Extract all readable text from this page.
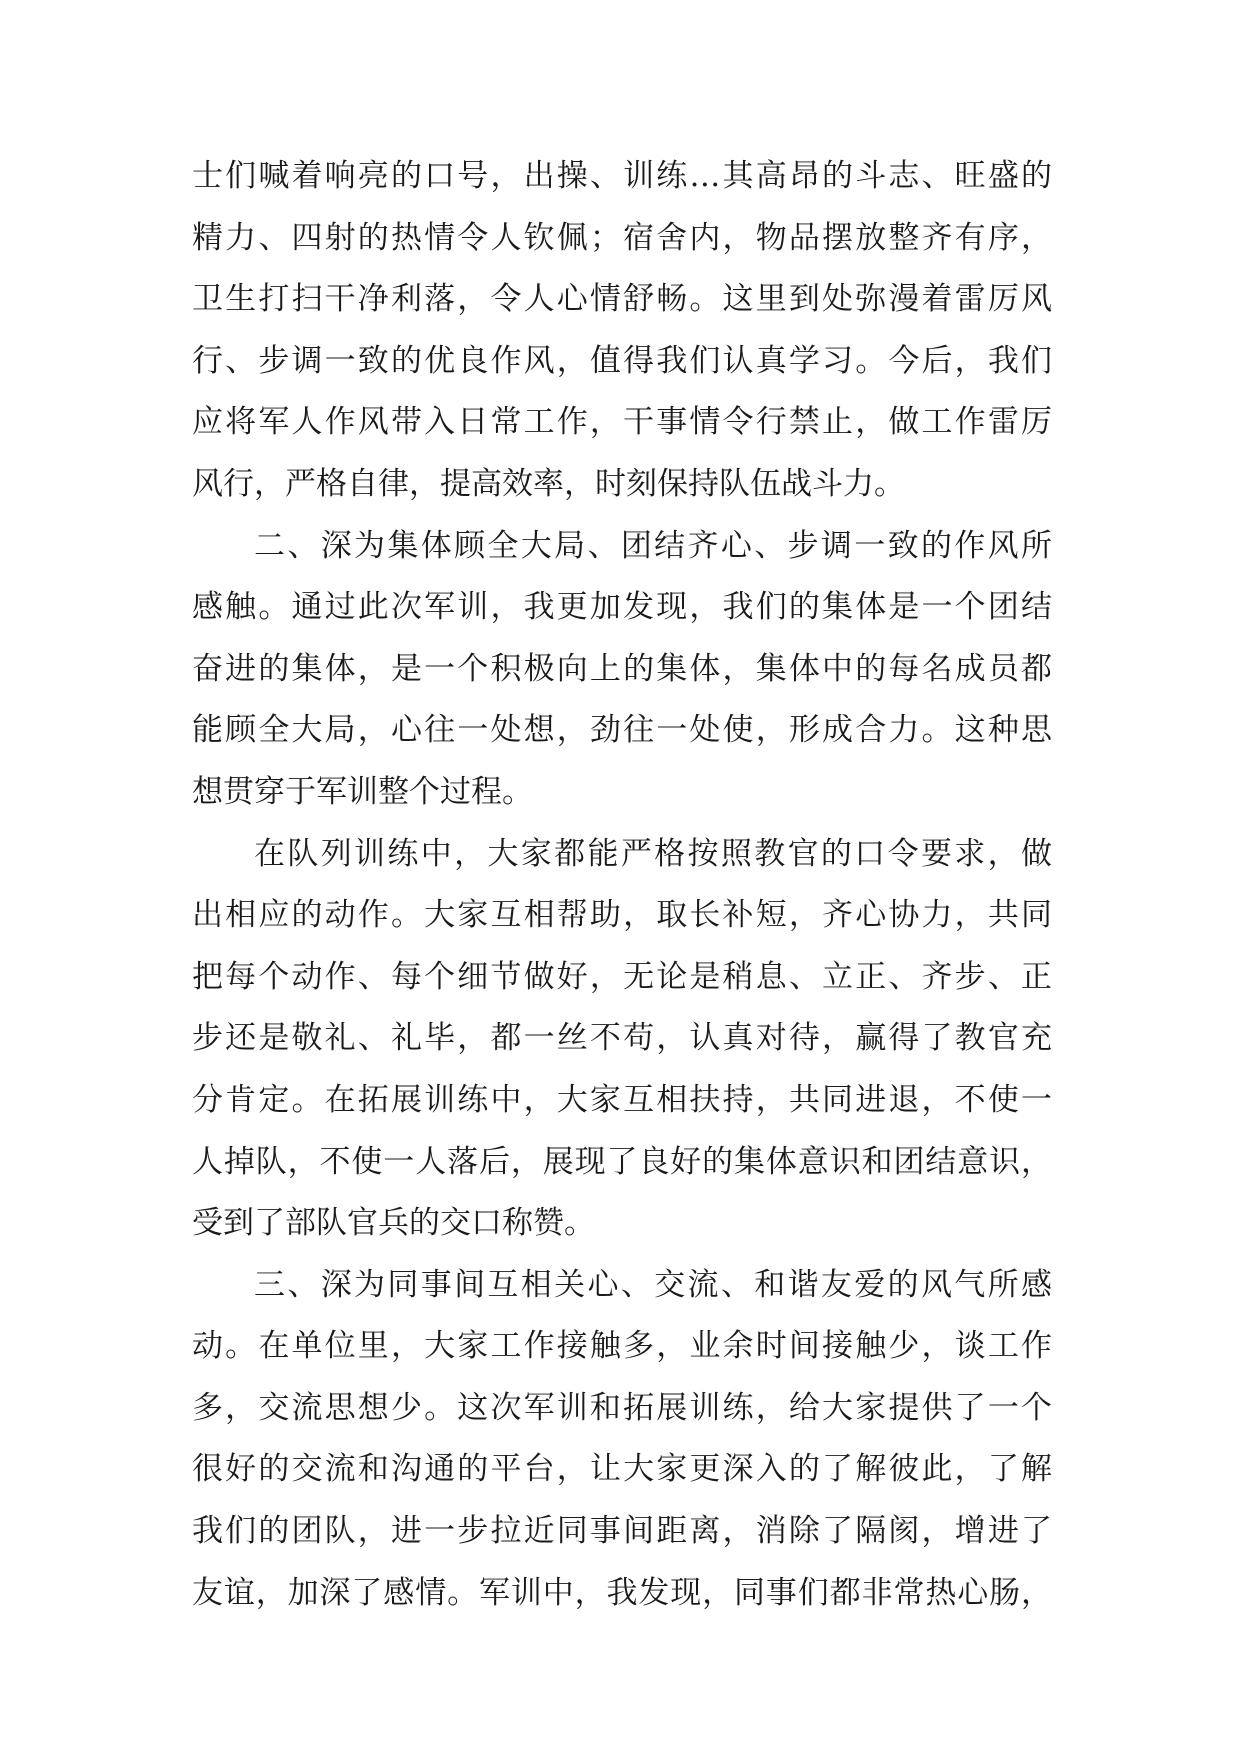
士们喊着响亮的口号，出操、训练…其高昂的斗志、旺盛的
精力、四射的热情令人钦佩；宿舍内，物品摆放整齐有序，
卫生打扫干净利落，令人心情舒畅。这里到处弥漫着雷厉风
行、步调一致的优良作风，值得我们认真学习。今后，我们
应将军人作风带入日常工作，干事情令行禁止，做工作雷厉
风行，严格自律，提高效率，时刻保持队伍战斗力。
二、深为集体顾全大局、团结齐心、步调一致的作风所
感触。通过此次军训，我更加发现，我们的集体是一个团结
奋进的集体，是一个积极向上的集体，集体中的每名成员都
能顾全大局，心往一处想，劲往一处使，形成合力。这种思
想贯穿于军训整个过程。
在队列训练中，大家都能严格按照教官的口令要求，做
出相应的动作。大家互相帮助，取长补短，齐心协力，共同
把每个动作、每个细节做好，无论是稍息、立正、齐步、正
步还是敬礼、礼毕，都一丝不苟，认真对待，赢得了教官充
分肯定。在拓展训练中，大家互相扶持，共同进退，不使一
人掉队，不使一人落后，展现了良好的集体意识和团结意识，
受到了部队官兵的交口称赞。
三、深为同事间互相关心、交流、和谐友爱的风气所感
动。在单位里，大家工作接触多，业余时间接触少，谈工作
多，交流思想少。这次军训和拓展训练，给大家提供了一个
很好的交流和沟通的平台，让大家更深入的了解彼此，了解
我们的团队，进一步拉近同事间距离，消除了隔阂，增进了
友谊，加深了感情。军训中，我发现，同事们都非常热心肠，
